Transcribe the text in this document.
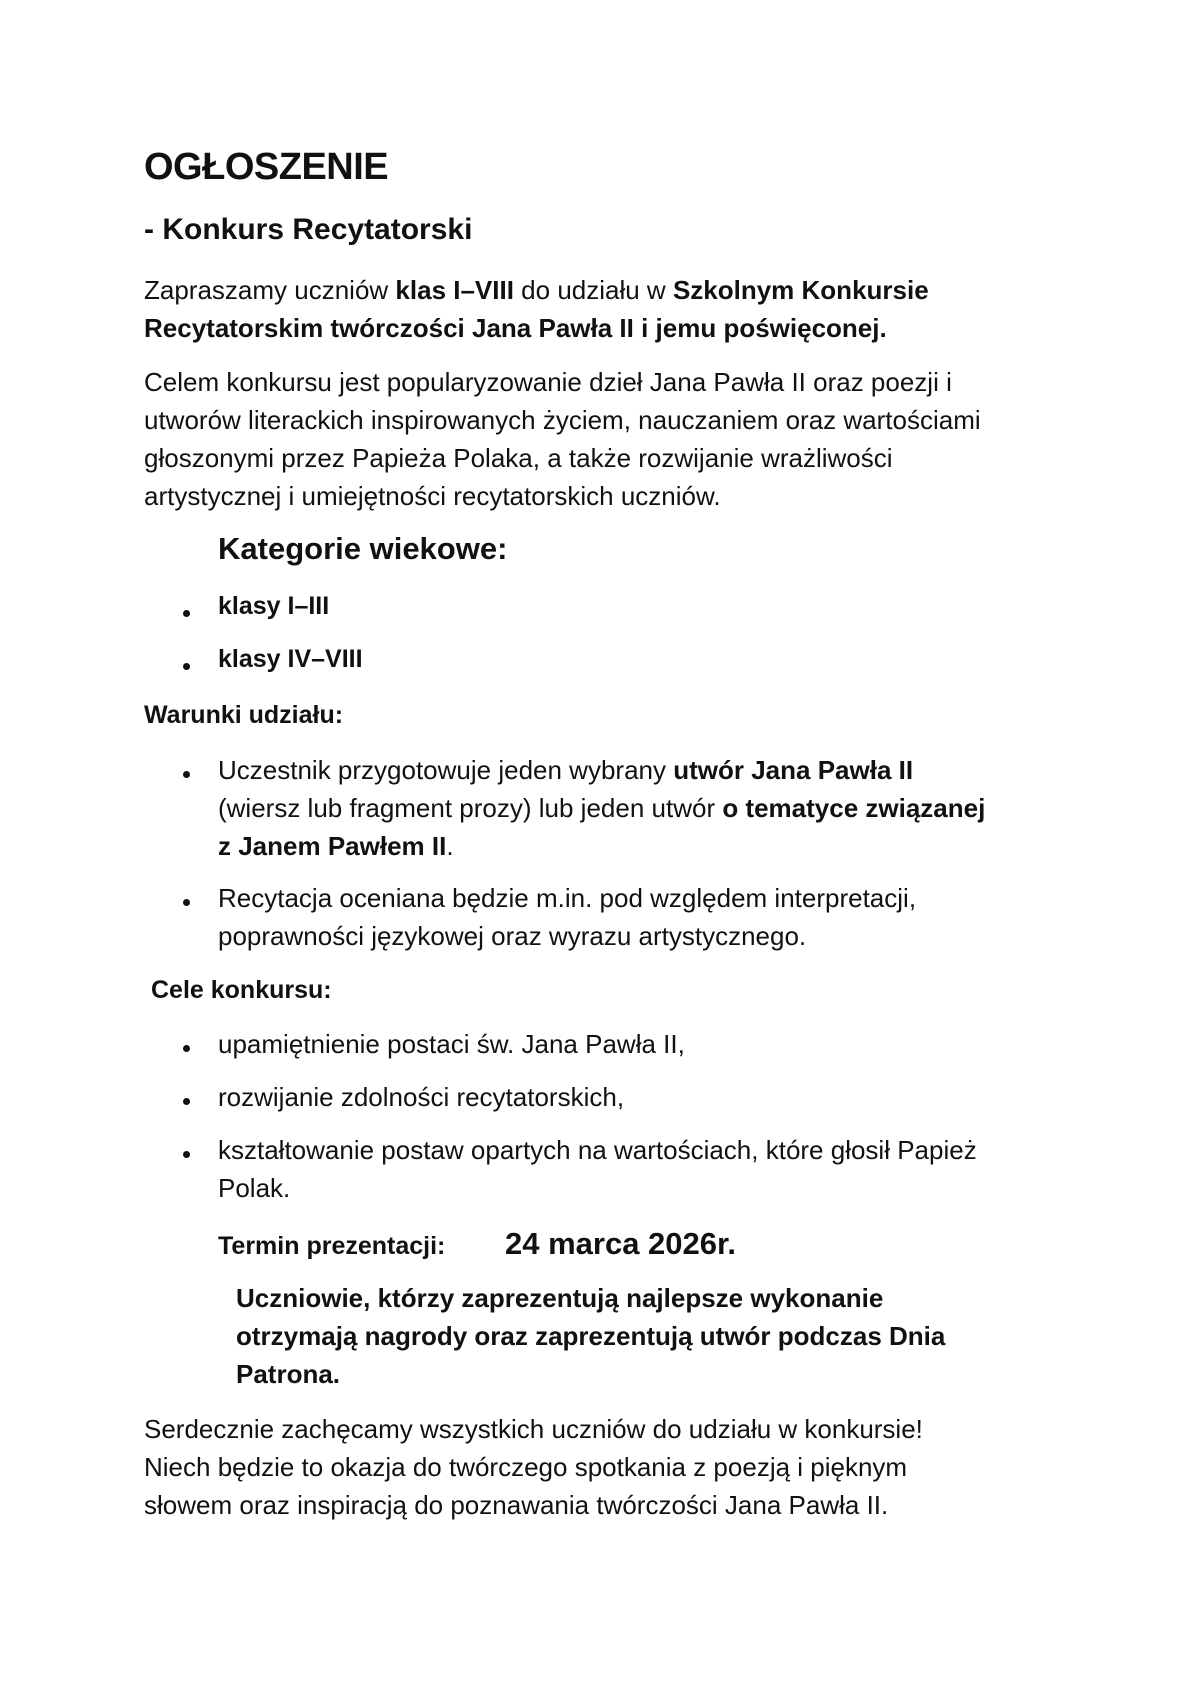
OGŁOSZENIE
- Konkurs Recytatorski
Zapraszamy uczniów klas I–VIII do udziału w Szkolnym Konkursie
Recytatorskim twórczości Jana Pawła II i jemu poświęconej.
Celem konkursu jest popularyzowanie dzieł Jana Pawła II oraz poezji i
utworów literackich inspirowanych życiem, nauczaniem oraz wartościami
głoszonymi przez Papieża Polaka, a także rozwijanie wrażliwości
artystycznej i umiejętności recytatorskich uczniów.
Kategorie wiekowe:
klasy I–III
klasy IV–VIII
Warunki udziału:
Uczestnik przygotowuje jeden wybrany utwór Jana Pawła II
(wiersz lub fragment prozy) lub jeden utwór o tematyce związanej
z Janem Pawłem II.
Recytacja oceniana będzie m.in. pod względem interpretacji,
poprawności językowej oraz wyrazu artystycznego.
Cele konkursu:
upamiętnienie postaci św. Jana Pawła II,
rozwijanie zdolności recytatorskich,
kształtowanie postaw opartych na wartościach, które głosił Papież
Polak.
Termin prezentacji: 24 marca 2026r.
Uczniowie, którzy zaprezentują najlepsze wykonanie
otrzymają nagrody oraz zaprezentują utwór podczas Dnia
Patrona.
Serdecznie zachęcamy wszystkich uczniów do udziału w konkursie!
Niech będzie to okazja do twórczego spotkania z poezją i pięknym
słowem oraz inspiracją do poznawania twórczości Jana Pawła II.
